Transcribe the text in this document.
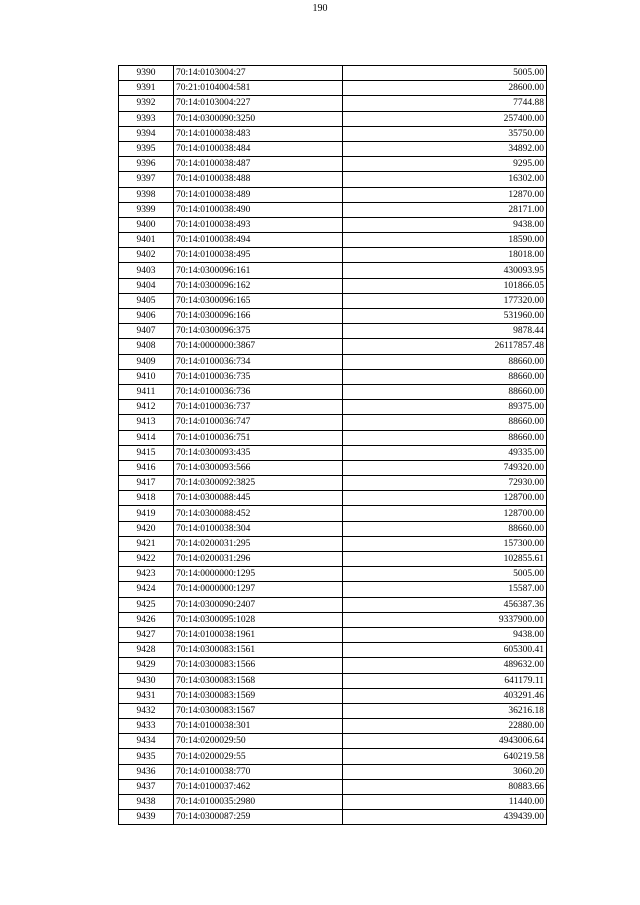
190
9390	70:14:0103004:27	5005.00
9391	70:21:0104004:581	28600.00
9392	70:14:0103004:227	7744.88
9393	70:14:0300090:3250	257400.00
9394	70:14:0100038:483	35750.00
9395	70:14:0100038:484	34892.00
9396	70:14:0100038:487	9295.00
9397	70:14:0100038:488	16302.00
9398	70:14:0100038:489	12870.00
9399	70:14:0100038:490	28171.00
9400	70:14:0100038:493	9438.00
9401	70:14:0100038:494	18590.00
9402	70:14:0100038:495	18018.00
9403	70:14:0300096:161	430093.95
9404	70:14:0300096:162	101866.05
9405	70:14:0300096:165	177320.00
9406	70:14:0300096:166	531960.00
9407	70:14:0300096:375	9878.44
9408	70:14:0000000:3867	26117857.48
9409	70:14:0100036:734	88660.00
9410	70:14:0100036:735	88660.00
9411	70:14:0100036:736	88660.00
9412	70:14:0100036:737	89375.00
9413	70:14:0100036:747	88660.00
9414	70:14:0100036:751	88660.00
9415	70:14:0300093:435	49335.00
9416	70:14:0300093:566	749320.00
9417	70:14:0300092:3825	72930.00
9418	70:14:0300088:445	128700.00
9419	70:14:0300088:452	128700.00
9420	70:14:0100038:304	88660.00
9421	70:14:0200031:295	157300.00
9422	70:14:0200031:296	102855.61
9423	70:14:0000000:1295	5005.00
9424	70:14:0000000:1297	15587.00
9425	70:14:0300090:2407	456387.36
9426	70:14:0300095:1028	9337900.00
9427	70:14:0100038:1961	9438.00
9428	70:14:0300083:1561	605300.41
9429	70:14:0300083:1566	489632.00
9430	70:14:0300083:1568	641179.11
9431	70:14:0300083:1569	403291.46
9432	70:14:0300083:1567	36216.18
9433	70:14:0100038:301	22880.00
9434	70:14:0200029:50	4943006.64
9435	70:14:0200029:55	640219.58
9436	70:14:0100038:770	3060.20
9437	70:14:0100037:462	80883.66
9438	70:14:0100035:2980	11440.00
9439	70:14:0300087:259	439439.00
